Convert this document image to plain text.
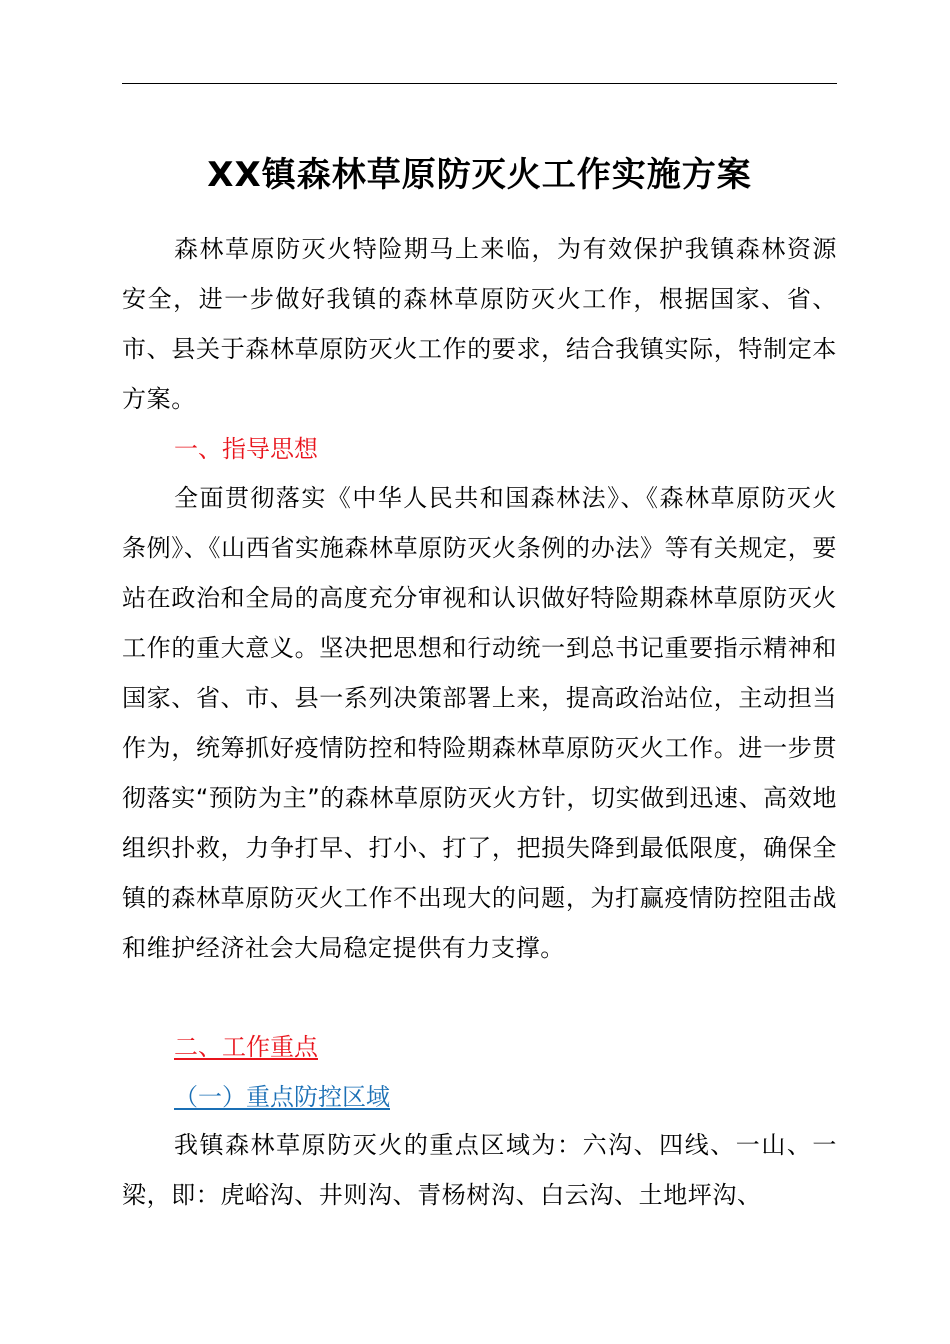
XX镇森林草原防灭火工作实施方案

森林草原防灭火特险期马上来临，为有效保护我镇森林资源安全，进一步做好我镇的森林草原防灭火工作，根据国家、省、市、县关于森林草原防灭火工作的要求，结合我镇实际，特制定本方案。

一、指导思想

全面贯彻落实《中华人民共和国森林法》、《森林草原防灭火条例》、《山西省实施森林草原防灭火条例的办法》等有关规定，要站在政治和全局的高度充分审视和认识做好特险期森林草原防灭火工作的重大意义。坚决把思想和行动统一到总书记重要指示精神和国家、省、市、县一系列决策部署上来，提高政治站位，主动担当作为，统筹抓好疫情防控和特险期森林草原防灭火工作。进一步贯彻落实“预防为主”的森林草原防灭火方针，切实做到迅速、高效地组织扑救，力争打早、打小、打了，把损失降到最低限度，确保全镇的森林草原防灭火工作不出现大的问题，为打赢疫情防控阻击战和维护经济社会大局稳定提供有力支撑。

二、工作重点
（一）重点防控区域

我镇森林草原防灭火的重点区域为：六沟、四线、一山、一梁，即：虎峪沟、井则沟、青杨树沟、白云沟、土地坪沟、
